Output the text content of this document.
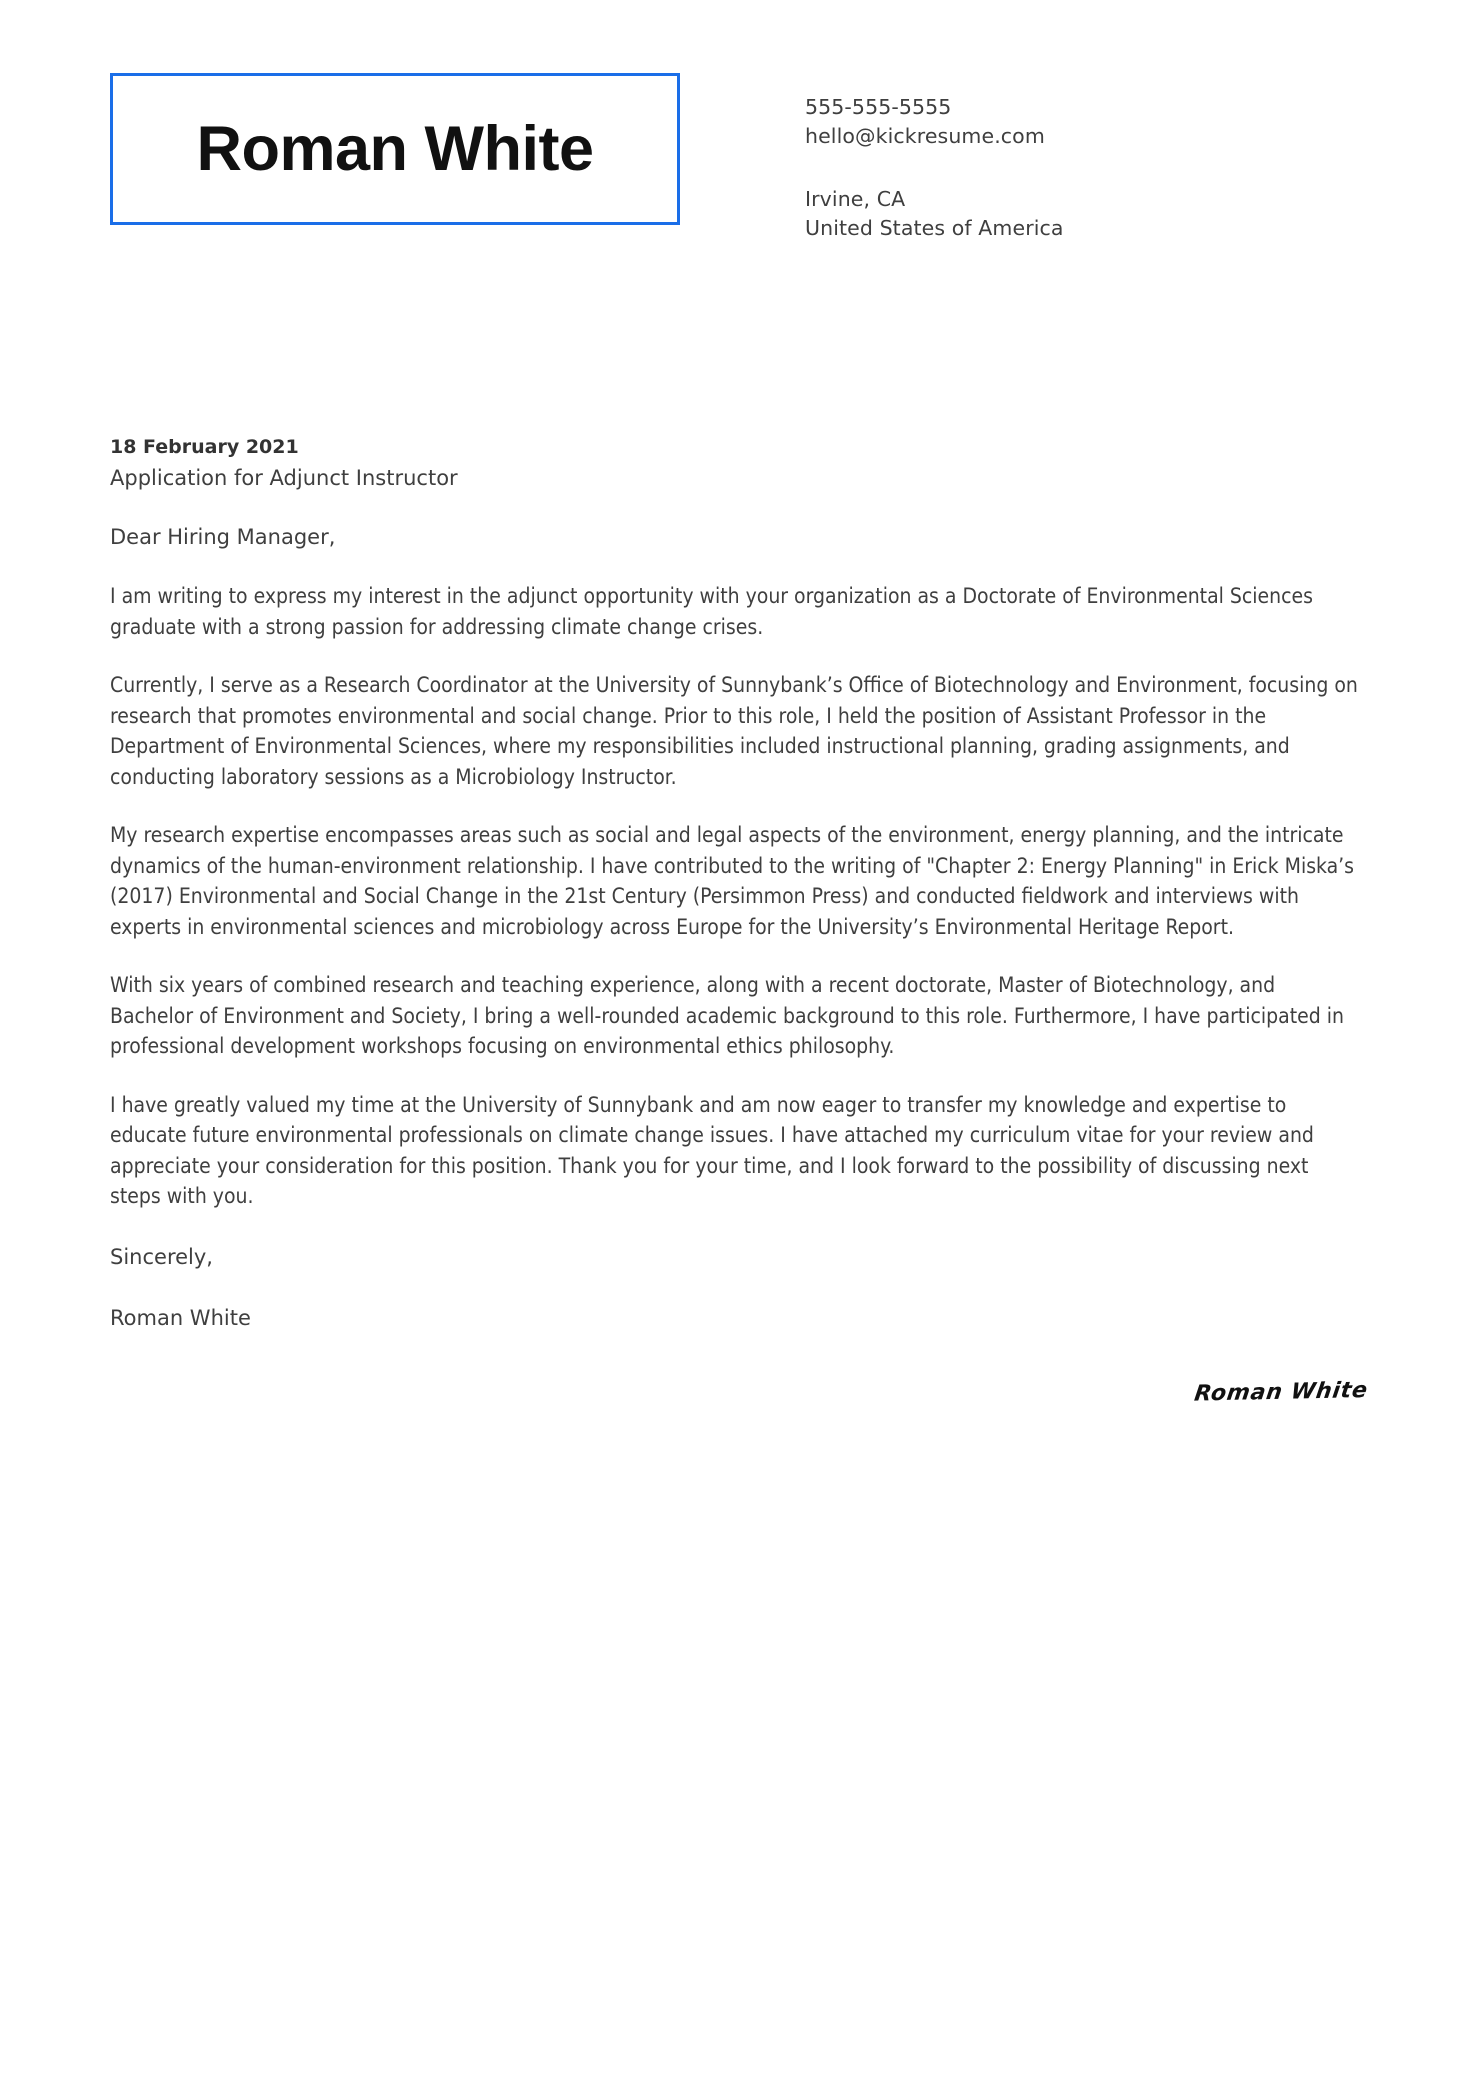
Roman White
555-555-5555
hello@kickresume.com
Irvine, CA
United States of America
18 February 2021
Application for Adjunct Instructor
Dear Hiring Manager,
I am writing to express my interest in the adjunct opportunity with your organization as a Doctorate of Environmental Sciences graduate with a strong passion for addressing climate change crises.
Currently, I serve as a Research Coordinator at the University of Sunnybank’s Office of Biotechnology and Environment, focusing on research that promotes environmental and social change. Prior to this role, I held the position of Assistant Professor in the Department of Environmental Sciences, where my responsibilities included instructional planning, grading assignments, and conducting laboratory sessions as a Microbiology Instructor.
My research expertise encompasses areas such as social and legal aspects of the environment, energy planning, and the intricate dynamics of the human-environment relationship. I have contributed to the writing of "Chapter 2: Energy Planning" in Erick Miska’s (2017) Environmental and Social Change in the 21st Century (Persimmon Press) and conducted fieldwork and interviews with experts in environmental sciences and microbiology across Europe for the University’s Environmental Heritage Report.
With six years of combined research and teaching experience, along with a recent doctorate, Master of Biotechnology, and Bachelor of Environment and Society, I bring a well-rounded academic background to this role. Furthermore, I have participated in professional development workshops focusing on environmental ethics philosophy.
I have greatly valued my time at the University of Sunnybank and am now eager to transfer my knowledge and expertise to educate future environmental professionals on climate change issues. I have attached my curriculum vitae for your review and appreciate your consideration for this position. Thank you for your time, and I look forward to the possibility of discussing next steps with you.
Sincerely,
Roman White
Roman White
